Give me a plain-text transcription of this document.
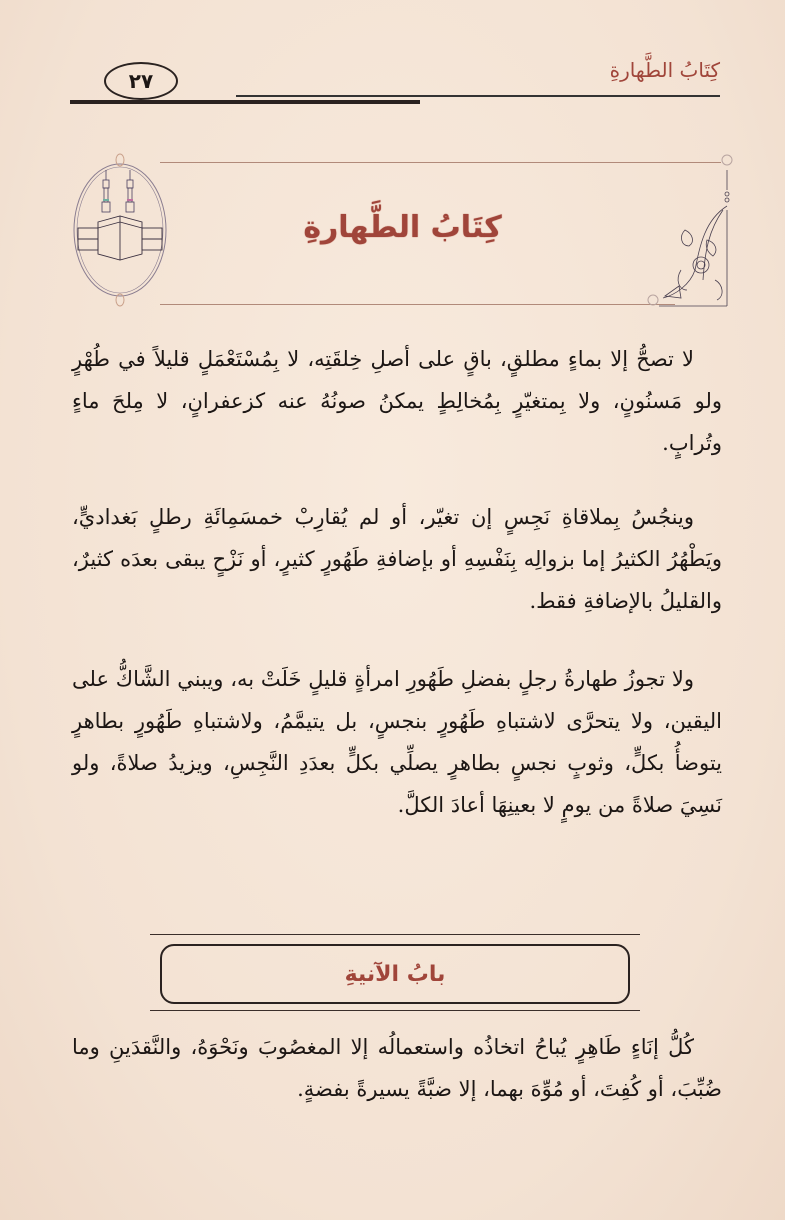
كِتَابُ الطَّهارةِ
٢٧
كِتَابُ الطَّهارةِ
لا تصحُّ إلا بماءٍ مطلقٍ، باقٍ على أصلِ خِلقَتِه، لا بِمُسْتَعْمَلٍ قليلاً في طُهْرٍ ولو مَسنُونٍ، ولا بِمتغيّرٍ بِمُخالِطٍ يمكنُ صونُهُ عنه كزعفرانٍ، لا مِلحَ ماءٍ وتُرابٍ.
وينجُسُ بِملاقاةِ نَجِسٍ إن تغيّر، أو لم يُقارِبْ خمسَمِائَةِ رطلٍ بَغداديٍّ، ويَطْهُرُ الكثيرُ إما بزوالِه بِنَفْسِهِ أو بإضافةِ طَهُورٍ كثيرٍ، أو نَزْحٍ يبقى بعدَه كثيرٌ، والقليلُ بالإضافةِ فقط.
ولا تجوزُ طهارةُ رجلٍ بفضلِ طَهُورِ امرأةٍ قليلٍ خَلَتْ به، ويبني الشَّاكُّ على اليقين، ولا يتحرَّى لاشتباهِ طَهُورٍ بنجسٍ، بل يتيمَّمُ، ولاشتباهِ طَهُورٍ بطاهرٍ يتوضأُ بكلٍّ، وثوبٍ نجسٍ بطاهرٍ يصلِّي بكلٍّ بعدَدِ النَّجِسِ، ويزيدُ صلاةً، ولو نَسِيَ صلاةً من يومٍ لا بعينِهَا أعادَ الكلَّ.
بابُ الآنيةِ
كُلُّ إنَاءٍ طَاهِرٍ يُباحُ اتخاذُه واستعمالُه إلا المغصُوبَ ونَحْوَهُ، والنَّقدَينِ وما ضُبِّبَ، أو كُفِتَ، أو مُوِّهَ بهما، إلا ضبَّةً يسيرةً بفضةٍ.
